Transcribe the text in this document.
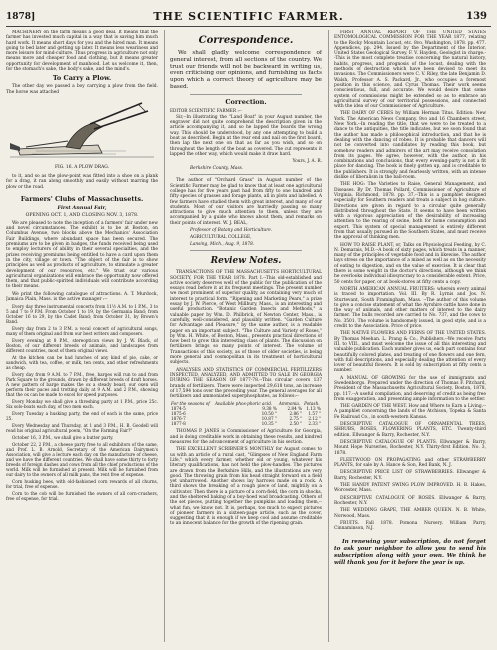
1878]	THE SCIENTIFIC FARMER.	139

MACHINERY on the farm means a good deal. It means that the farmer has invested much capital in a way that is saving him much hard work. It means short days for you and the hired man. It means going to bed later and getting up later. It means less weariness and more leisure for mind-culture. Thus progress in agriculture not only means more and cheaper food and clothing, but it means greater opportunity for development of manhood. Let us welcome it, then, for the stomach's sake, the body's sake, and the mind's.

To Carry a Plow.

The other day we passed a boy carrying a plow from the field. The horse was attached

FIG. 16. A PLOW DRAG.

to it, and so as the plow-point was fitted into a shoe on a plank for a drag, it ran along smoothly and easily without marring the plow or the road.

Farmers' Clubs of Massachusetts.
First Annual Fair,
OPENING OCT. 1, AND CLOSING NOV. 3, 1878.

We are pleased to note the inception of a farmers' fair under new and novel circumstances. The exhibit is to be at Boston, on Columbus Avenue, two blocks above the Mechanics' Association Fair Buildings, where abundant space has been secured. The premiums are to be given in badges, the funds received being used to employ lecturers of ability in their several specialties, and the prizes receiving premiums being entitled to have a card upon them in the city, village or town. "The object of the fair is to show principles as well as products of agriculture, to stimulate a greater development of our resources, etc." We trust our various agricultural organizations will embrace the opportunity now offered them, and that public-spirited individuals will contribute according to their means.

We print the following catalogue of attractions. A. T. Murdock, Jamaica Plain, Mass. is the active manager :--

Every day three instrumental concerts from 11½ A.M. to 1 P.M., 3 to 5 and 7 to 9 P.M. From October 1 to 19, by the Germania Band; from October 16 to 29, by the Cadet Band; from October 31, by Brown's Band.

Every day from 2 to 3 P.M. a vocal concert of agricultural songs, many of them original and from our best writers and composers.

Every evening at 8 P.M., stereopticon views by J. W. Black, of Boston, of our different breeds of animals, and landscapes from different countries, most of them original views.

At the kitchen can be had lunches of any kind of pie, cake, or sandwich, with tea, coffee, or milk, ten cents, and other refreshments as cheap.

Every day from 9 A.M. to 7 P.M., free, barges will run to and from Park Square to the grounds, drawn by different breeds of draft horses. A new pattern of barge makes the ox a steady beast, our oxen will perform their paces and trotting daily at 9 A.M. and 2 P.M., showing that the ox can be made to excel for speed purposes.

Every Monday we shall give a threshing party at 1 P.M., price 25c. Six solo-boats each day, of two men each.

Every Tuesday a husking party, the end of each is the same, price 25.

Every Wednesday and Thursday, at 1 and 3 P.M., H. B. Goodell will read his original agricultural poem, "On the Farming Fair?"

October 16, 3 P.M., we shall give a butter party.

October 22, 2 P.M., a cheese party free to all exhibitors of the same, and Prof. L. B. Arnold, Secretary of the American Dairymen's Association, will give a lecture each day on the manufacture of cheese, and we have the different countries. We shall have some thirty to forty breeds of foreign dashes and cows from all the chief productions of the world. Milk will be furnished at present. Milk will be furnished from our dairy to the owners of all milk pans, the rent free of expense.

Corn husking bees, with old-fashioned corn rewards of all churns, for trial, free of expense.

Corn to the cob will be furnished the owners of all corn-crushers, free of expense, for trial.

Correspondence.

We shall gladly welcome correspondence of general interest, from all sections of the country. We trust our friends will not be backward in writing us, even criticising our opinions, and furnishing us facts upon which a correct theory of agriculture may be based.

Correction.

EDITOR SCIENTIFIC FARMER :--

Sir,--In illustrating the "Land Boat" in your August number, the engraver did not quite comprehend the description given in the article accompanying it, and so he lapped the boards the wrong way. This should be understood, by any one attempting to build a boat as described. Begin at the rear end and nail on the first board, then lap the next one on that as far as you wish, and so on throughout the length of the boat as covered. The cut represents it lapped the other way, which would make it draw hard.

Yours, J. A. R.

Berkshire County, Mass.

The author of "Orchard Grass" in August number of the Scientific Farmer may be glad to know that at least one agricultural college has for five years past had from fifty to one hundred and fifty species of grasses and forage plants, all in plots and labelled. A few farmers have studied them with great interest, and many of our students. Most of our visitors are hurriedly passing so many attractions to give much attention to them, unless they are accompanied by a guide who knows about them, and remarks on their points of interest. W. J. BEAL,

Professor of Botany and Horticulture.

AGRICULTURAL COLLEGE,

Lansing, Mich., Aug. 9, 1878.

Review Notes.

TRANSACTIONS OF THE MASSACHUSETTS HORTICULTURAL SOCIETY, FOR THE YEAR 1878. Part I.--This old-established and active society deserves well of the public for the publication of the essays read before it at its frequent meetings. The present number we most prominent of superior quality, as containing very much of interest to practical form. "Ripening and Marketing Pears," a prize essay by J. W. Pierce, of West Millbury, Mass., is an interesting and useful production. "Botanic Garden Insects and Methods," a valuable paper by Wm. D. Philbrick, of Newton Center, Mass., is carefully, well-considered, and plausibly written. "Garden Culture for Advantage and Pleasure," by the same author, is a readable paper on an important subject. "The Culture and Variety of Roses," by Wm. H. White, of Boston, Mass., presents practical directions of how best to grow this interesting class of plants. The discussion on fertilizers brings so many points of interest. The volume of Transactions of this society, as of those of older societies, is being more general and cosmopolitan in its treatment of horticultural subjects.

ANALYSES AND STATISTICS OF COMMERCIAL FERTILIZERS INSPECTED, ANALYZED, AND ADMITTED TO SALE IN GEORGIA DURING THE SEASON OF 1877-78.--This circular covers 137 brands of fertilizers. There were inspected 29,618 tons, an increase of 17,594 tons over the preceding year. The general averages for all fertilizers and ammoniated superphosphates, as follows:--

For the seasons of	Available phos-phoric acid.	Ammonia.	Potash.
1874-5	9.38 %	2.84 %	1.13 %
1875-6	10.50 "	2.86 "	1.57 "
1876-7	10.87 "	2.75 "	2.12 "
1877-8	10.35 "	2.50 "	2.33 "

THOMAS P. JANES is Commissioner of Agriculture for Georgia, and is doing creditable work in obtaining these results, and kindred measures for the advancement of agriculture in his section.

THE EXCELLENT SCRIBNER'S MONTHLY for August comes to us with an article of a rural cast, "Glimpses of New England Farm Life," which every farmer, whether old or young, whatever his literary qualifications, has not held the plow-handles. The pictures are drawn from the Berkshire Hills, and the illustrations are very good. The throwing grain from his head straight forward on a field yet unharrowed. Another shows lay harrows made on a rock. A third shows the breaking of a rough piece of land, mightily on a cultivator. Then there is a picture of a corn-field, the corn in shocks, and the sheltered baking of a boy-hoed wad broadcasting. Others of the set pieces, putting together the pumpkins and loading them,--what fun, we know not. It is, perhaps, too much to expect pictures of pioneer farmers in a sixteen-page article, such as the cover, suggesting that it is enough if we keep cool and assume creditable to an innocent balance for the growth of the ripening grain.

FIRST ANNUAL REPORT OF THE UNITED STATES ENTOMOLOGICAL COMMISSION FOR THE YEAR 1877, relating to the Rocky Mountain Locust, etc. 8vo. Washington, 1878. pp. 477. Appendices, pp. 294. Issued by the Department of the Interior, United States Geological Survey. F. V. Hayden, Geologist in charge.--This is the most complete treatise concerning the natural history, habits, progress, and prognosis of the locust, dealing with the methods of destruction which have been devised to meet its invasions. The Commissioners were C. V. Riley, the late Benjamin D. Walsh, Professor A. S. Packard, Jr., who occupies a foremost position in this science, and Cyrus Thomas. Their work seems conscientious, full, and accurate. We would desire that some system of commissions might be extended so as to embrace an agricultural survey of our territorial possessions, and connected with the idea of our Commissioner of Agriculture.

THE DAIRY OF CERES by William Herman Titus. Edition: New York. The American News Company. 8vo and 16 Chambers street, New York.--In reading the title, that we were to be treated to a dance to the antiquities, the title indicates, but we soon found that the author has made a philosophical introduction, and that he is dealing with the dancing of robes. It is probable that dancers will not be converted into candidates by reading this book, but somehow readers and admirers of the art may receive consolation from its pages. We agree, however, with the author, in his combinations and conclusions, that every evening-party is not a fit place for dancing. The book is finely gotten up, and is creditable to the publishers. It is strongly and fearlessly written, with an intense dislike of liberalism in the ball-room.

THE HOG: The Varieties to Raise, General Management, and Diseases. By Dr. Thomas Pollard, Commissioner of Agriculture of Virginia. Richmond, 1878. pp. 37.--This is a pamphlet designed especially for Southern readers and treats a subject in hog culture. Directions are given in regard to a circular quite generally distributed throughout the State. It seems to have been written with a vigorous appreciation of the desirability of increasing attention to the rearing of swine, both for home consumption and export. This system of special management is entirely different from that usually pursued in the Southern States, and must receive the approval of thinking men.

HOW TO RAISE PLANT, or, Talks on Physiological Feeding, by C. N. Demarais, M.D.--A book of sixty pages, which treats in a manner, many of the principles of vegetable food and in likewise. The author lays stress on the importance of a mixed as well as on the necessity of eating to digestion, and on the value of exercise. It is clear that there is some weight in the doctor's directions, although we think he overlooks individual idiosyncrasy to a considerable extent. Price, 50 cents for paper, or at book-stores at fifty cents a copy.

NORTH AMERICAN ANNUAL FRUITERS: wherein every animal is traced to importation. Vol. III. By R. Lyrnis and Jos. N. Sturtevant, South Framingham, Mass. --The author of this volume to give a concise statement of what the Ayrshire cattle have done in the way of animals, and other matters of interest to the dairy farmer. The bulls recorded are carried to No. 737, and the cows to No. 3501. The volume is handsomely issued, in good style, and is a credit to the Association. Price of price.

THE NATIVE FLOWERS AND FERNS OF THE UNITED STATES. By Thomas Meehan. L. Prang & Co., Publishers.--We receive Parts III. to VIII., and must welcome the issue of all this interesting and valuable publication. Each number gives us, each part contains four beautifully colored plates, and treating of one flowers and one fern, with full descriptions, and especially dealing the attention of every lover of beautiful flowers. It is sold by subscription at fifty cents a number.

A MANUAL OF GROWING for the use of immigrants and Swedenborgs. Prepared under the direction of Thomas F. Pitchard, President of the Massachusetts Agricultural Society, Boston, 1878, pp. 117.--A useful compilation, and deserving of credit as being free from exaggeration, and presenting ample information to the settler.

THE GARDEN OF THE WEST. How and Where to Earn a Living.--A pamphlet concerning the lands of the Atchison, Topeka & Santa Fe Railroad Co., in south-western Kansas.

DESCRIPTIVE CATALOGUE OF ORNAMENTAL TREES, SHRUBS, ROSES, FLOWERING PLANTS, ETC. Twenty-third edition. Ellwanger & Barry, Rochester, N.Y.

DESCRIPTIVE CATALOGUE OF PLANTS. Ellwanger & Barry, Mount Hope Nurseries, Rochester, N.Y. Thirty-first Edition. No. 3, 1878.

FLEETWOOD ON PROPAGATING and other STRAWBERRY PLANTS, for sale by A. Hance & Son, Red Bank, N. J.

DESCRIPTIVE PRICE LIST OF STRAWBERRIES. Ellwanger & Barry, Rochester, N.Y.

THE HANDY PATENT SWING PLOW IMPROVED. H. B. Hakes, Worcester, Mass.

DESCRIPTIVE CATALOGUE OF ROSES. Ellwanger & Barry, Rochester, N.Y.

THE WEDDING GRAPE, THE AMBER QUEEN. N. B. White, Norwood, Mass.

FRUITS. Fall 1878. Pomona Nursery. William Parry, Cinnaminson, N.J.

In renewing your subscription, do not forget to ask your neighbor to allow you to send his subscription along with your own. We think he will thank you for it before the year is up.
